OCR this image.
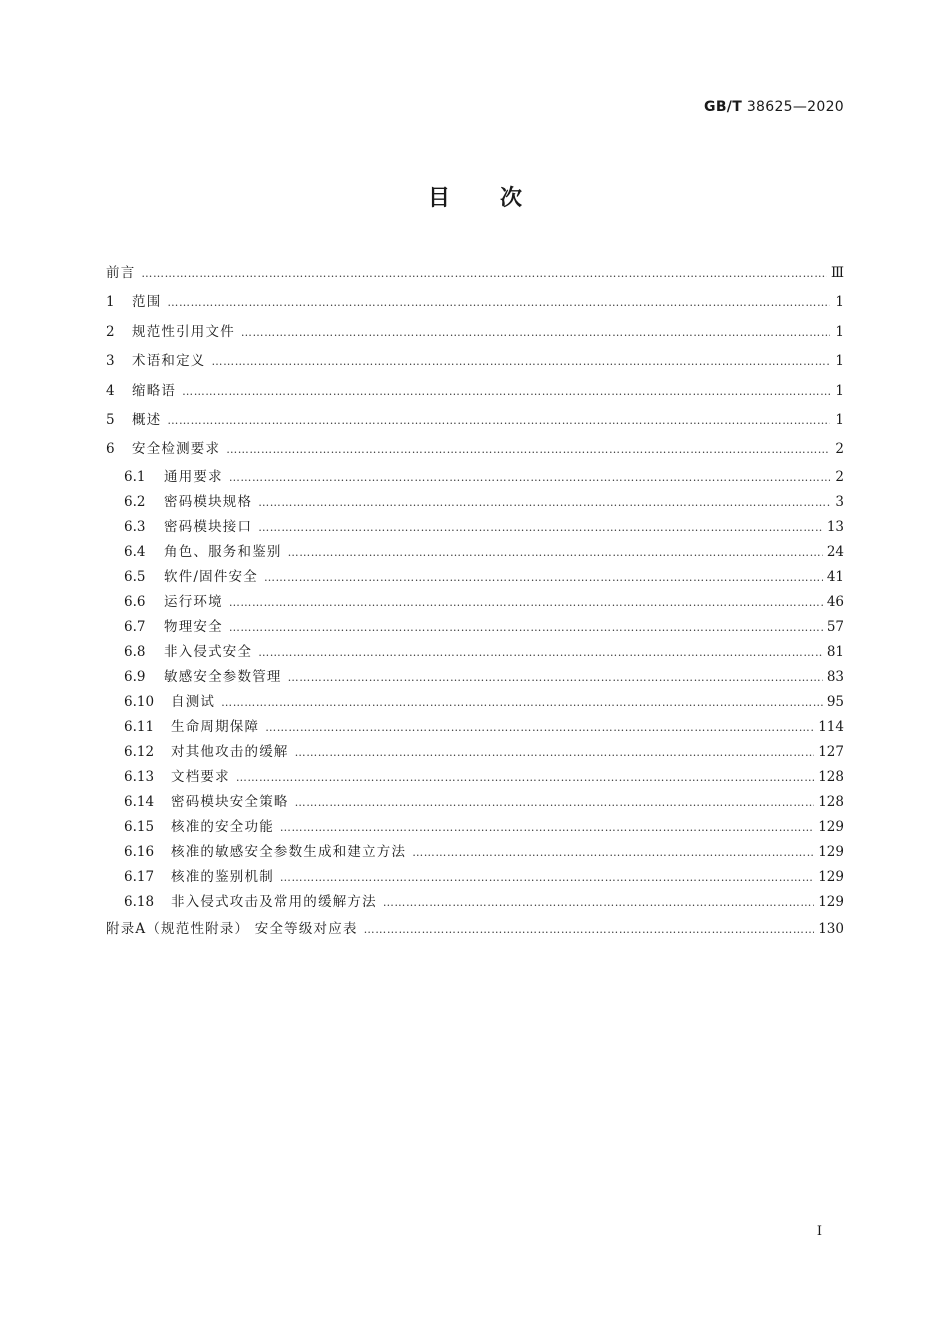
GB/T 38625—2020
目次
前言 ………………………………………………………………………………………………………………………………………………………………………………………………………………	Ⅲ
1	范围 ………………………………………………………………………………………………………………………………………………………………………………………………………………	1
2	规范性引用文件 ………………………………………………………………………………………………………………………………………………………………………………………………………………	1
3	术语和定义 ………………………………………………………………………………………………………………………………………………………………………………………………………………	1
4	缩略语 ………………………………………………………………………………………………………………………………………………………………………………………………………………	1
5	概述 ………………………………………………………………………………………………………………………………………………………………………………………………………………	1
6	安全检测要求 ………………………………………………………………………………………………………………………………………………………………………………………………………………	2
6.1	通用要求 ………………………………………………………………………………………………………………………………………………………………………………………………………………	2
6.2	密码模块规格 ………………………………………………………………………………………………………………………………………………………………………………………………………………	3
6.3	密码模块接口 ………………………………………………………………………………………………………………………………………………………………………………………………………………	13
6.4	角色、服务和鉴别 ………………………………………………………………………………………………………………………………………………………………………………………………………………	24
6.5	软件/固件安全 ………………………………………………………………………………………………………………………………………………………………………………………………………………	41
6.6	运行环境 ………………………………………………………………………………………………………………………………………………………………………………………………………………	46
6.7	物理安全 ………………………………………………………………………………………………………………………………………………………………………………………………………………	57
6.8	非入侵式安全 ………………………………………………………………………………………………………………………………………………………………………………………………………………	81
6.9	敏感安全参数管理 ………………………………………………………………………………………………………………………………………………………………………………………………………………	83
6.10	自测试 ………………………………………………………………………………………………………………………………………………………………………………………………………………	95
6.11	生命周期保障 ………………………………………………………………………………………………………………………………………………………………………………………………………………	114
6.12	对其他攻击的缓解 ………………………………………………………………………………………………………………………………………………………………………………………………………………	127
6.13	文档要求 ………………………………………………………………………………………………………………………………………………………………………………………………………………	128
6.14	密码模块安全策略 ………………………………………………………………………………………………………………………………………………………………………………………………………………	128
6.15	核准的安全功能 ………………………………………………………………………………………………………………………………………………………………………………………………………………	129
6.16	核准的敏感安全参数生成和建立方法 ………………………………………………………………………………………………………………………………………………………………………………………………………………	129
6.17	核准的鉴别机制 ………………………………………………………………………………………………………………………………………………………………………………………………………………	129
6.18	非入侵式攻击及常用的缓解方法 ………………………………………………………………………………………………………………………………………………………………………………………………………………	129
附录A（规范性附录） 安全等级对应表 ………………………………………………………………………………………………………………………………………………………………………………………………………………	130
I
